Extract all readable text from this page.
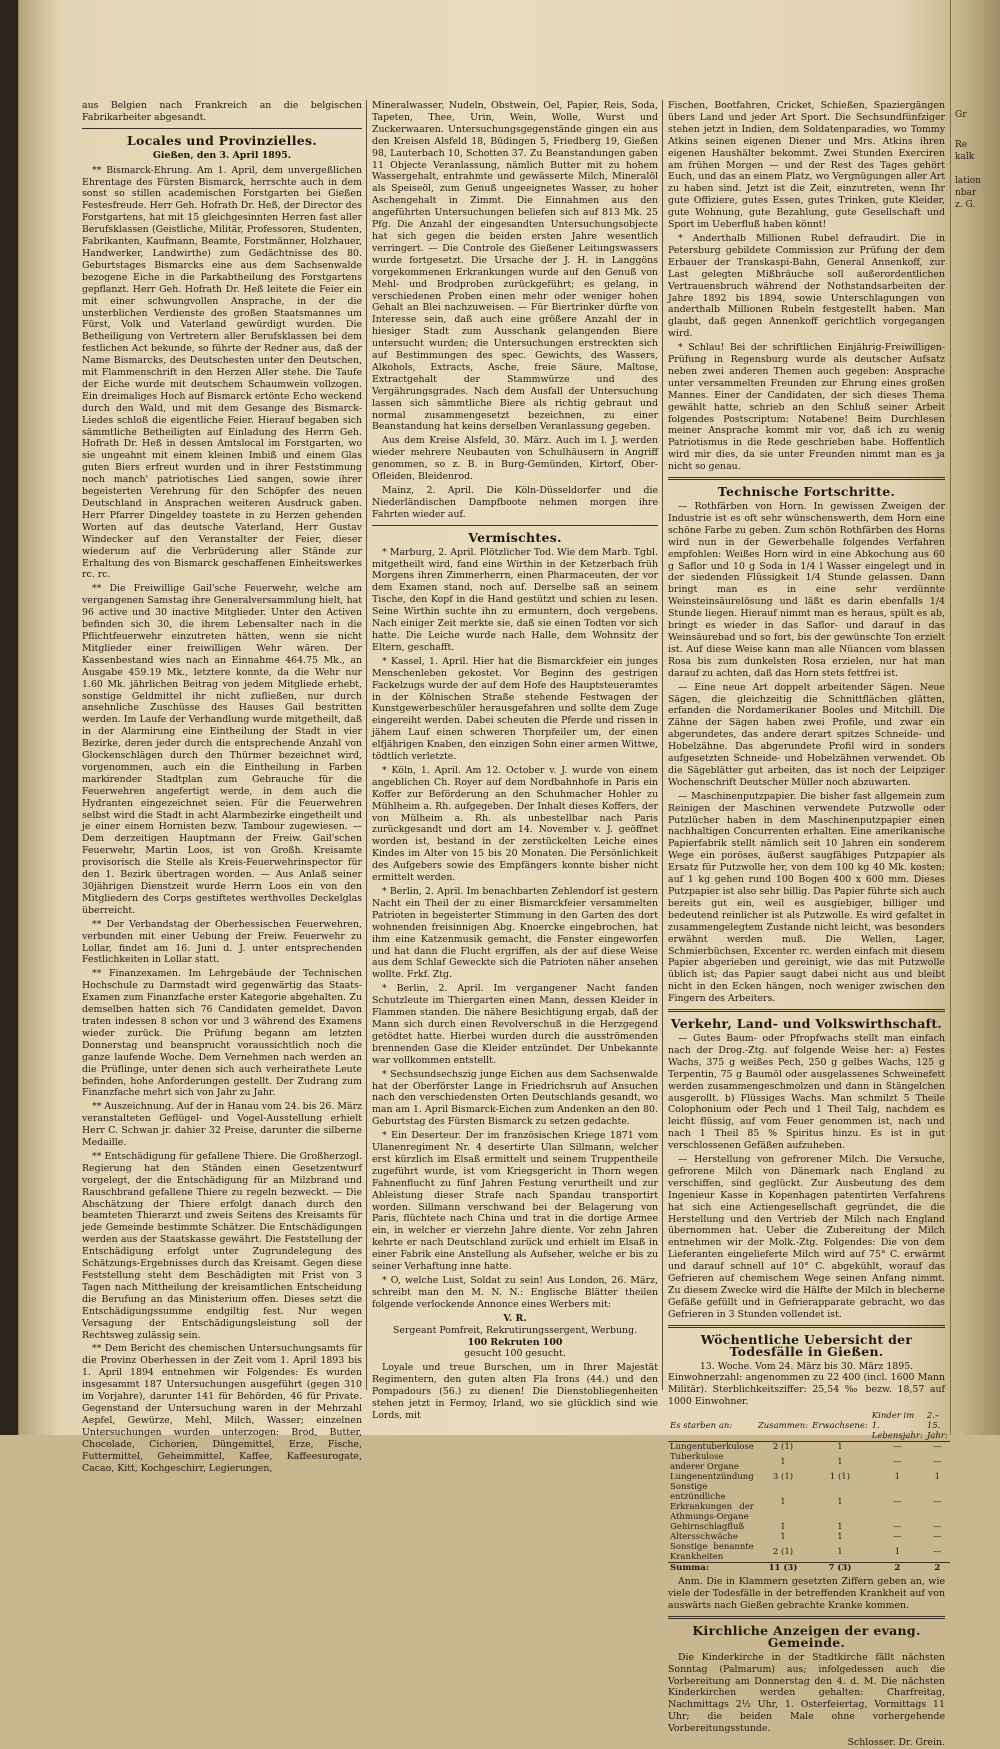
aus Belgien nach Frankreich an die belgischen Fabrikarbeiter abgesandt.

Locales und Provinzielles.
Gießen, den 3. April 1895.

** Bismarck-Ehrung. Am 1. April, dem unvergeßlichen Ehrentage des Fürsten Bismarck, herrschte auch in dem sonst so stillen academischen Forstgarten bei Gießen Festesfreude. Herr Geh. Hofrath Dr. Heß, der Director des Forstgartens, hat mit 15 gleichgesinnten Herren fast aller Berufsklassen (Geistliche, Militär, Professoren, Studenten, Fabrikanten, Kaufmann, Beamte, Forstmänner, Holzhauer, Handwerker, Landwirthe) zum Gedächtnisse des 80. Geburtstages Bismarcks eine aus dem Sachsenwalde bezogene Eiche in die Parkabtheilung des Forstgartens gepflanzt. Herr Geh. Hofrath Dr. Heß leitete die Feier ein mit einer schwungvollen Ansprache, in der die unsterblichen Verdienste des großen Staatsmannes um Fürst, Volk und Vaterland gewürdigt wurden. Die Betheiligung von Vertretern aller Berufsklassen bei dem festlichen Act bekunde, so führte der Redner aus, daß der Name Bismarcks, des Deutschesten unter den Deutschen, mit Flammenschrift in den Herzen Aller stehe. Die Taufe der Eiche wurde mit deutschem Schaumwein vollzogen. Ein dreimaliges Hoch auf Bismarck ertönte Echo weckend durch den Wald, und mit dem Gesange des Bismarck-Liedes schloß die eigentliche Feier. Hierauf begaben sich sämmtliche Betheiligten auf Einladung des Herrn Geh. Hofrath Dr. Heß in dessen Amtslocal im Forstgarten, wo sie ungeahnt mit einem kleinen Imbiß und einem Glas guten Biers erfreut wurden und in ihrer Feststimmung noch manch' patriotisches Lied sangen, sowie ihrer begeisterten Verehrung für den Schöpfer des neuen Deutschland in Ansprachen weiteren Ausdruck gaben. Herr Pfarrer Dingeldey toastete in zu Herzen gehenden Worten auf das deutsche Vaterland, Herr Gustav Windecker auf den Veranstalter der Feier, dieser wiederum auf die Verbrüderung aller Stände zur Erhaltung des von Bismarck geschaffenen Einheitswerkes rc. rc.

** Die Freiwillige Gail'sche Feuerwehr, welche am vergangenen Samstag ihre Generalversammlung hielt, hat 96 active und 30 inactive Mitglieder. Unter den Activen befinden sich 30, die ihrem Lebensalter nach in die Pflichtfeuerwehr einzutreten hätten, wenn sie nicht Mitglieder einer freiwilligen Wehr wären. Der Kassenbestand wies nach an Einnahme 464.75 Mk., an Ausgabe 459.19 Mk., letztere konnte, da die Wehr nur 1.60 Mk. jährlichen Beitrag von jedem Mitgliede erhebt, sonstige Geldmittel ihr nicht zufließen, nur durch ansehnliche Zuschüsse des Hauses Gail bestritten werden. Im Laufe der Verhandlung wurde mitgetheilt, daß in der Alarmirung eine Eintheilung der Stadt in vier Bezirke, deren jeder durch die entsprechende Anzahl von Glockenschlägen durch den Thürmer bezeichnet wird, vorgenommen, auch ein die Eintheilung in Farben markirender Stadtplan zum Gebrauche für die Feuerwehren angefertigt werde, in dem auch die Hydranten eingezeichnet seien. Für die Feuerwehren selbst wird die Stadt in acht Alarmbezirke eingetheilt und je einer einem Hornisten bezw. Tambour zugewiesen. — Dem derzeitigen Hauptmann der Freiw. Gail'schen Feuerwehr, Martin Loos, ist von Großh. Kreisamte provisorisch die Stelle als Kreis-Feuerwehrinspector für den 1. Bezirk übertragen worden. — Aus Anlaß seiner 30jährigen Dienstzeit wurde Herrn Loos ein von den Mitgliedern des Corps gestiftetes werthvolles Deckelglas überreicht.

** Der Verbandstag der Oberhessischen Feuerwehren, verbunden mit einer Uebung der Freiw. Feuerwehr zu Lollar, findet am 16. Juni d. J. unter entsprechenden Festlichkeiten in Lollar statt.

** Finanzexamen. Im Lehrgebäude der Technischen Hochschule zu Darmstadt wird gegenwärtig das Staats-Examen zum Finanzfache erster Kategorie abgehalten. Zu demselben hatten sich 76 Candidaten gemeldet. Davon traten indessen 8 schon vor und 3 während des Examens wieder zurück. Die Prüfung begann am letzten Donnerstag und beansprucht voraussichtlich noch die ganze laufende Woche. Dem Vernehmen nach werden an die Prüflinge, unter denen sich auch verheirathete Leute befinden, hohe Anforderungen gestellt. Der Zudrang zum Finanzfache mehrt sich von Jahr zu Jahr.

** Auszeichnung. Auf der in Hanau vom 24. bis 26. März veranstalteten Geflügel- und Vogel-Ausstellung erhielt Herr C. Schwan jr. dahier 32 Preise, darunter die silberne Medaille.

** Entschädigung für gefallene Thiere. Die Großherzogl. Regierung hat den Ständen einen Gesetzentwurf vorgelegt, der die Entschädigung für an Milzbrand und Rauschbrand gefallene Thiere zu regeln bezweckt. — Die Abschätzung der Thiere erfolgt danach durch den beamteten Thierarzt und zweis Seitens des Kreisamts für jede Gemeinde bestimmte Schätzer. Die Entschädigungen werden aus der Staatskasse gewährt. Die Feststellung der Entschädigung erfolgt unter Zugrundelegung des Schätzungs-Ergebnisses durch das Kreisamt. Gegen diese Feststellung steht dem Beschädigten mit Frist von 3 Tagen nach Mittheilung der kreisamtlichen Entscheidung die Berufung an das Ministerium offen. Dieses setzt die Entschädigungssumme endgiltig fest. Nur wegen Versagung der Entschädigungsleistung soll der Rechtsweg zulässig sein.

** Dem Bericht des chemischen Untersuchungsamts für die Provinz Oberhessen in der Zeit vom 1. April 1893 bis 1. April 1894 entnehmen wir Folgendes: Es wurden insgesammt 187 Untersuchungen ausgeführt (gegen 310 im Vorjahre), darunter 141 für Behörden, 46 für Private. Gegenstand der Untersuchung waren in der Mehrzahl Aepfel, Gewürze, Mehl, Milch, Wasser; einzelnen Untersuchungen wurden unterzogen: Brod, Butter, Chocolade, Cichorien, Düngemittel, Erze, Fische, Futtermittel, Geheimmittel, Kaffee, Kaffeesurogate, Cacao, Kitt, Kochgeschirr, Legierungen,

Mineralwasser, Nudeln, Obstwein, Oel, Papier, Reis, Soda, Tapeten, Thee, Urin, Wein, Wolle, Wurst und Zuckerwaaren. Untersuchungsgegenstände gingen ein aus den Kreisen Alsfeld 18, Büdingen 5, Friedberg 19, Gießen 98, Lauterbach 10, Schotten 37. Zu Beanstandungen gaben 11 Objecte Veranlassung, nämlich Butter mit zu hohem Wassergehalt, entrahmte und gewässerte Milch, Mineralöl als Speiseöl, zum Genuß ungeeignetes Wasser, zu hoher Aschengehalt in Zimmt. Die Einnahmen aus den angeführten Untersuchungen beliefen sich auf 813 Mk. 25 Pfg. Die Anzahl der eingesandten Untersuchungsobjecte hat sich gegen die beiden ersten Jahre wesentlich verringert. — Die Controle des Gießener Leitungswassers wurde fortgesetzt. Die Ursache der J. H. in Langgöns vorgekommenen Erkrankungen wurde auf den Genuß von Mehl- und Brodproben zurückgeführt; es gelang, in verschiedenen Proben einen mehr oder weniger hohen Gehalt an Blei nachzuweisen. — Für Biertrinker dürfte von Interesse sein, daß auch eine größere Anzahl der in hiesiger Stadt zum Ausschank gelangenden Biere untersucht wurden; die Untersuchungen erstreckten sich auf Bestimmungen des spec. Gewichts, des Wassers, Alkohols, Extracts, Asche, freie Säure, Maltose, Extractgehalt der Stammwürze und des Vergährungsgrades. Nach dem Ausfall der Untersuchung lassen sich sämmtliche Biere als richtig gebraut und normal zusammengesetzt bezeichnen, zu einer Beanstandung hat keins derselben Veranlassung gegeben.

Aus dem Kreise Alsfeld, 30. März. Auch im l. J. werden wieder mehrere Neubauten von Schulhäusern in Angriff genommen, so z. B. in Burg-Gemünden, Kirtorf, Ober-Ofleiden, Bleidenrod.

Mainz, 2. April. Die Köln-Düsseldorfer und die Niederländischen Dampfboote nehmen morgen ihre Fahrten wieder auf.

Vermischtes.

* Marburg, 2. April. Plötzlicher Tod. Wie dem Marb. Tgbl. mitgetheilt wird, fand eine Wirthin in der Ketzerbach früh Morgens ihren Zimmerherrn, einen Pharmaceuten, der vor dem Examen stand, noch auf. Derselbe saß an seinem Tische, den Kopf in die Hand gestützt und schien zu lesen. Seine Wirthin suchte ihn zu ermuntern, doch vergebens. Nach einiger Zeit merkte sie, daß sie einen Todten vor sich hatte. Die Leiche wurde nach Halle, dem Wohnsitz der Eltern, geschafft.

* Kassel, 1. April. Hier hat die Bismarckfeier ein junges Menschenleben gekostet. Vor Beginn des gestrigen Fackelzugs wurde der auf dem Hofe des Hauptsteueramtes in der Kölnischen Straße stehende Festwagen der Kunstgewerbeschüler herausgefahren und sollte dem Zuge eingereiht werden. Dabei scheuten die Pferde und rissen in jähem Lauf einen schweren Thorpfeiler um, der einen elfjährigen Knaben, den einzigen Sohn einer armen Wittwe, tödtlich verletzte.

* Köln, 1. April. Am 12. October v. J. wurde von einem angeblichen Ch. Royer auf dem Nordbahnhofe in Paris ein Koffer zur Beförderung an den Schuhmacher Hohler zu Mühlheim a. Rh. aufgegeben. Der Inhalt dieses Koffers, der von Mülheim a. Rh. als unbestellbar nach Paris zurückgesandt und dort am 14. November v. J. geöffnet worden ist, bestand in der zerstückelten Leiche eines Kindes im Alter von 15 bis 20 Monaten. Die Persönlichkeit des Aufgebers sowie des Empfängers konnte bisher nicht ermittelt werden.

* Berlin, 2. April. Im benachbarten Zehlendorf ist gestern Nacht ein Theil der zu einer Bismarckfeier versammelten Patrioten in begeisterter Stimmung in den Garten des dort wohnenden freisinnigen Abg. Knoercke eingebrochen, hat ihm eine Katzenmusik gemacht, die Fenster eingeworfen und hat dann die Flucht ergriffen, als der auf diese Weise aus dem Schlaf Geweckte sich die Patrioten näher ansehen wollte. Frkf. Ztg.

* Berlin, 2. April. Im vergangener Nacht fanden Schutzleute im Thiergarten einen Mann, dessen Kleider in Flammen standen. Die nähere Besichtigung ergab, daß der Mann sich durch einen Revolverschuß in die Herzgegend getödtet hatte. Hierbei wurden durch die ausströmenden brennenden Gase die Kleider entzündet. Der Unbekannte war vollkommen entstellt.

* Sechsundsechszig junge Eichen aus dem Sachsenwalde hat der Oberförster Lange in Friedrichsruh auf Ansuchen nach den verschiedensten Orten Deutschlands gesandt, wo man am 1. April Bismarck-Eichen zum Andenken an den 80. Geburtstag des Fürsten Bismarck zu setzen gedachte.

* Ein Deserteur. Der im französischen Kriege 1871 vom Ulanenregiment Nr. 4 desertirte Ulan Sillmann, welcher erst kürzlich im Elsaß ermittelt und seinem Truppentheile zugeführt wurde, ist vom Kriegsgericht in Thorn wegen Fahnenflucht zu fünf Jahren Festung verurtheilt und zur Ableistung dieser Strafe nach Spandau transportirt worden. Sillmann verschwand bei der Belagerung von Paris, flüchtete nach China und trat in die dortige Armee ein, in welcher er vierzehn Jahre diente. Vor zehn Jahren kehrte er nach Deutschland zurück und erhielt im Elsaß in einer Fabrik eine Anstellung als Aufseher, welche er bis zu seiner Verhaftung inne hatte.

* O, welche Lust, Soldat zu sein! Aus London, 26. März, schreibt man den M. N. N.: Englische Blätter theilen folgende verlockende Annonce eines Werbers mit:

V. R.
Sergeant Pomfreit, Rekrutirungssergent, Werbung.
100 Rekruten 100
gesucht 100 gesucht.

Loyale und treue Burschen, um in Ihrer Majestät Regimentern, den guten alten Fla Irons (44.) und den Pompadours (56.) zu dienen! Die Dienstobliegenheiten stehen jetzt in Fermoy, Irland, wo sie glücklich sind wie Lords, mit

Fischen, Bootfahren, Cricket, Schießen, Spaziergängen übers Land und jeder Art Sport. Die Sechsundfünfziger stehen jetzt in Indien, dem Soldatenparadies, wo Tommy Atkins seinen eigenen Diener und Mrs. Atkins ihren eigenen Haushälter bekommt. Zwei Stunden Exerciren am frühen Morgen — und der Rest des Tages gehört Euch, und das an einem Platz, wo Vergnügungen aller Art zu haben sind. Jetzt ist die Zeit, einzutreten, wenn Ihr gute Offiziere, gutes Essen, gutes Trinken, gute Kleider, gute Wohnung, gute Bezahlung, gute Gesellschaft und Sport im Ueberfluß haben könnt!

* Anderthalb Millionen Rubel defraudirt. Die in Petersburg gebildete Commission zur Prüfung der dem Erbauer der Transkaspi-Bahn, General Annenkoff, zur Last gelegten Mißbräuche soll außerordentlichen Vertrauensbruch während der Nothstandsarbeiten der Jahre 1892 bis 1894, sowie Unterschlagungen von anderthalb Millionen Rubeln festgestellt haben. Man glaubt, daß gegen Annenkoff gerichtlich vorgegangen wird.

* Schlau! Bei der schriftlichen Einjährig-Freiwilligen-Prüfung in Regensburg wurde als deutscher Aufsatz neben zwei anderen Themen auch gegeben: Ansprache unter versammelten Freunden zur Ehrung eines großen Mannes. Einer der Candidaten, der sich dieses Thema gewählt hatte, schrieb an den Schluß seiner Arbeit folgendes Postscriptum: Notabene! Beim Durchlesen meiner Ansprache kommt mir vor, daß ich zu wenig Patriotismus in die Rede geschrieben habe. Hoffentlich wird mir dies, da sie unter Freunden nimmt man es ja nicht so genau.

Technische Fortschritte.

— Rothfärben von Horn. In gewissen Zweigen der Industrie ist es oft sehr wünschenswerth, dem Horn eine schöne Farbe zu geben. Zum schön Rothfärben des Horns wird nun in der Gewerbehalle folgendes Verfahren empfohlen: Weißes Horn wird in eine Abkochung aus 60 g Saflor und 10 g Soda in 1/4 l Wasser eingelegt und in der siedenden Flüssigkeit 1/4 Stunde gelassen. Dann bringt man es in eine sehr verdünnte Weinsteinsäurelösung und läßt es darin ebenfalls 1/4 Stunde liegen. Hierauf nimmt man es heraus, spült es ab, bringt es wieder in das Saflor- und darauf in das Weinsäurebad und so fort, bis der gewünschte Ton erzielt ist. Auf diese Weise kann man alle Nüancen vom blassen Rosa bis zum dunkelsten Rosa erzielen, nur hat man darauf zu achten, daß das Horn stets fettfrei ist.

— Eine neue Art doppelt arbeitender Sägen. Neue Sägen, die gleichzeitig die Schnittflächen glätten, erfanden die Nordamerikaner Booles und Mitchill. Die Zähne der Sägen haben zwei Profile, und zwar ein abgerundetes, das andere derart spitzes Schneide- und Hobelzähne. Das abgerundete Profil wird in sonders aufgesetzten Schneide- und Hobelzähnen verwendet. Ob die Sägeblätter gut arbeiten, das ist noch der Leipziger Wochenschrift Deutscher Müller noch abzuwarten.

— Maschinenputzpapier. Die bisher fast allgemein zum Reinigen der Maschinen verwendete Putzwolle oder Putzlücher haben in dem Maschinenputzpapier einen nachhaltigen Concurrenten erhalten. Eine amerikanische Papierfabrik stellt nämlich seit 10 Jahren ein sonderem Wege ein poröses, äußerst saugfähiges Putzpapier als Ersatz für Putzwolle her, von dem 100 kg 40 Mk. kosten; auf 1 kg gehen rund 100 Bogen 400 x 600 mm. Dieses Putzpapier ist also sehr billig. Das Papier führte sich auch bereits gut ein, weil es ausgiebiger, billiger und bedeutend reinlicher ist als Putzwolle. Es wird gefaltet in zusammengelegtem Zustande nicht leicht, was besonders erwähnt werden muß. Die Wellen, Lager, Schmierbüchsen, Excenter rc. werden einfach mit diesem Papier abgerieben und gereinigt, wie das mit Putzwolle üblich ist; das Papier saugt dabei nicht aus und bleibt nicht in den Ecken hängen, noch weniger zwischen den Fingern des Arbeiters.

Verkehr, Land- und Volkswirthschaft.

— Gutes Baum- oder Pfropfwachs stellt man einfach nach der Drog.-Ztg. auf folgende Weise her: a) Festes Wachs, 375 g weißes Pech, 250 g gelbes Wachs, 125 g Terpentin, 75 g Baumöl oder ausgelassenes Schweinefett werden zusammengeschmolzen und dann in Stängelchen ausgerollt. b) Flüssiges Wachs. Man schmilzt 5 Theile Colophonium oder Pech und 1 Theil Talg, nachdem es leicht flüssig, auf vom Feuer genommen ist, nach und nach 1 Theil 85 % Spiritus hinzu. Es ist in gut verschlossenen Gefäßen aufzuheben.

— Herstellung von gefrorener Milch. Die Versuche, gefrorene Milch von Dänemark nach England zu verschiffen, sind geglückt. Zur Ausbeutung des dem Ingenieur Kasse in Kopenhagen patentirten Verfahrens hat sich eine Actiengesellschaft gegründet, die die Herstellung und den Vertrieb der Milch nach England übernommen hat. Ueber die Zubereitung der Milch entnehmen wir der Molk.-Ztg. Folgendes: Die von dem Lieferanten eingelieferte Milch wird auf 75° C. erwärmt und darauf schnell auf 10° C. abgekühlt, worauf das Gefrieren auf chemischem Wege seinen Anfang nimmt. Zu diesem Zwecke wird die Hälfte der Milch in blecherne Gefäße gefüllt und in Gefrierapparate gebracht, wo das Gefrieren in 3 Stunden vollendet ist.

Wöchentliche Uebersicht der Todesfälle in Gießen.
13. Woche. Vom 24. März bis 30. März 1895.

Einwohnerzahl: angenommen zu 22 400 (incl. 1600 Mann Militär). Sterblichkeitsziffer: 25,54 ‰ bezw. 18,57 auf 1000 Einwohner.

Es starben an:	Zusammen:	Erwachsene:	Kinder im 1. Lebensjahr:	2.–15. Jahr:
Lungentuberkulose	2 (1)	1	—	—
Tuberkulose anderer Organe	1	1	—	—
Lungenentzündung	3 (1)	1 (1)	1	1
Sonstige entzündliche Erkrankungen der Athmungs-Organe	1	1	—	—
Gehirnschlagfluß	1	1	—	—
Altersschwäche	1	1	—	—
Sonstige benannte Krankheiten	2 (1)	1	1	—
Summa:	11 (3)	7 (3)	2	2

Anm. Die in Klammern gesetzten Ziffern geben an, wie viele der Todesfälle in der betreffenden Krankheit auf von auswärts nach Gießen gebrachte Kranke kommen.

Kirchliche Anzeigen der evang. Gemeinde.

Die Kinderkirche in der Stadtkirche fällt nächsten Sonntag (Palmarum) aus; infolgedessen auch die Vorbereitung am Donnerstag den 4. d. M. Die nächsten Kinderkirchen werden gehalten: Charfreitag, Nachmittags 2½ Uhr, 1. Osterfeiertag, Vormittags 11 Uhr; die beiden Male ohne vorhergehende Vorbereitungsstunde.

Schlosser. Dr. Grein.
Gr
Re
kalk
lation
nbar
z. G.
